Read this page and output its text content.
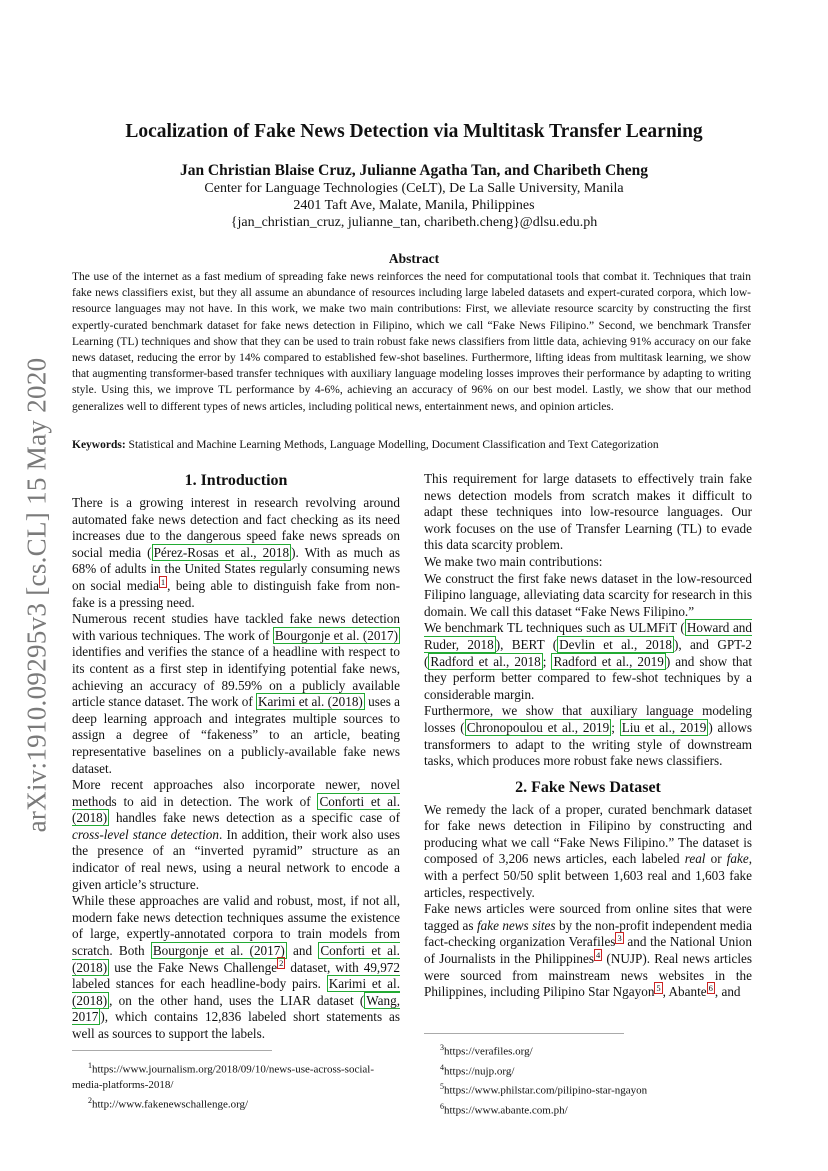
arXiv:1910.09295v3 [cs.CL] 15 May 2020
Localization of Fake News Detection via Multitask Transfer Learning
Jan Christian Blaise Cruz, Julianne Agatha Tan, and Charibeth Cheng
Center for Language Technologies (CeLT), De La Salle University, Manila
2401 Taft Ave, Malate, Manila, Philippines
{jan_christian_cruz, julianne_tan, charibeth.cheng}@dlsu.edu.ph
Abstract

The use of the internet as a fast medium of spreading fake news reinforces the need for computational tools that combat it. Techniques that train fake news classifiers exist, but they all assume an abundance of resources including large labeled datasets and expert-curated corpora, which low-resource languages may not have. In this work, we make two main contributions: First, we alleviate resource scarcity by constructing the first expertly-curated benchmark dataset for fake news detection in Filipino, which we call “Fake News Filipino.” Second, we benchmark Transfer Learning (TL) techniques and show that they can be used to train robust fake news classifiers from little data, achieving 91% accuracy on our fake news dataset, reducing the error by 14% compared to established few-shot baselines. Furthermore, lifting ideas from multitask learning, we show that augmenting transformer-based transfer techniques with auxiliary language modeling losses improves their performance by adapting to writing style. Using this, we improve TL performance by 4-6%, achieving an accuracy of 96% on our best model. Lastly, we show that our method generalizes well to different types of news articles, including political news, entertainment news, and opinion articles.

Keywords: Statistical and Machine Learning Methods, Language Modelling, Document Classification and Text Categorization

1. Introduction

There is a growing interest in research revolving around automated fake news detection and fact checking as its need increases due to the dangerous speed fake news spreads on social media ( Pérez-Rosas et al., 2018 ). With as much as 68% of adults in the United States regularly consuming news on social media $^1$ , being able to distinguish fake from non-fake is a pressing need.

Numerous recent studies have tackled fake news detection with various techniques. The work of Bourgonje et al. (2017) identifies and verifies the stance of a headline with respect to its content as a first step in identifying potential fake news, achieving an accuracy of 89.59% on a publicly available article stance dataset. The work of Karimi et al. (2018) uses a deep learning approach and integrates multiple sources to assign a degree of “fakeness” to an article, beating representative baselines on a publicly-available fake news dataset.

More recent approaches also incorporate newer, novel methods to aid in detection. The work of Conforti et al. (2018) handles fake news detection as a specific case of cross-level stance detection. In addition, their work also uses the presence of an “inverted pyramid” structure as an indicator of real news, using a neural network to encode a given article’s structure.

While these approaches are valid and robust, most, if not all, modern fake news detection techniques assume the existence of large, expertly-annotated corpora to train models from scratch. Both Bourgonje et al. (2017) and Conforti et al. (2018) use the Fake News Challenge $^2$ dataset, with 49,972 labeled stances for each headline-body pairs. Karimi et al. (2018) , on the other hand, uses the LIAR dataset ( Wang, 2017 ), which contains 12,836 labeled short statements as well as sources to support the labels.

This requirement for large datasets to effectively train fake news detection models from scratch makes it difficult to adapt these techniques into low-resource languages. Our work focuses on the use of Transfer Learning (TL) to evade this data scarcity problem.

We make two main contributions:

We construct the first fake news dataset in the low-resourced Filipino language, alleviating data scarcity for research in this domain. We call this dataset “Fake News Filipino.”

We benchmark TL techniques such as ULMFiT ( Howard and Ruder, 2018 ), BERT ( Devlin et al., 2018 ), and GPT-2 ( Radford et al., 2018 ; Radford et al., 2019 ) and show that they perform better compared to few-shot techniques by a considerable margin.

Furthermore, we show that auxiliary language modeling losses ( Chronopoulou et al., 2019 ; Liu et al., 2019 ) allows transformers to adapt to the writing style of downstream tasks, which produces more robust fake news classifiers.

2. Fake News Dataset

We remedy the lack of a proper, curated benchmark dataset for fake news detection in Filipino by constructing and producing what we call “Fake News Filipino.” The dataset is composed of 3,206 news articles, each labeled real or fake, with a perfect 50/50 split between 1,603 real and 1,603 fake articles, respectively.

Fake news articles were sourced from online sites that were tagged as fake news sites by the non-profit independent media fact-checking organization Verafiles $^3$ and the National Union of Journalists in the Philippines $^4$ (NUJP). Real news articles were sourced from mainstream news websites in the Philippines, including Pilipino Star Ngayon $^5$ , Abante $^6$ , and

$^1$https://www.journalism.org/2018/09/10/news-use-across-social-media-platforms-2018/
$^2$http://www.fakenewschallenge.org/
$^3$https://verafiles.org/
$^4$https://nujp.org/
$^5$https://www.philstar.com/pilipino-star-ngayon
$^6$https://www.abante.com.ph/
